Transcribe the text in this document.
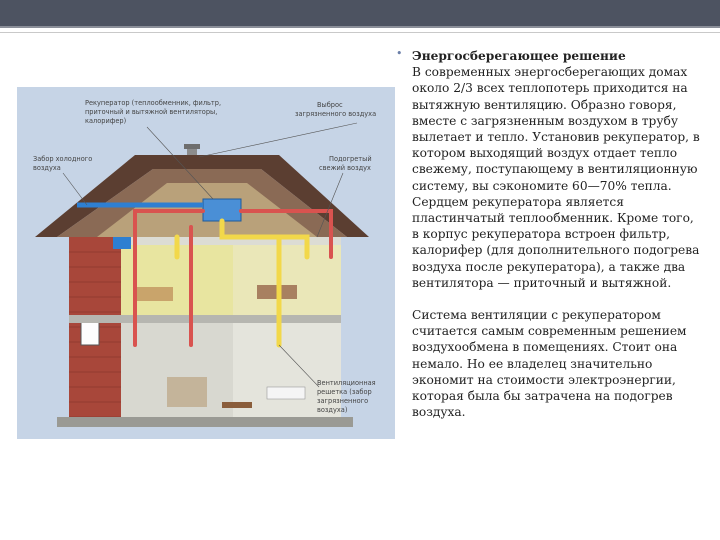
Рекуператор (теплообменник, фильтр, приточный и вытяжной вентиляторы, калорифер)
Выброс загрязненного воздуха
Забор холодного воздуха
Подогретый свежий воздух
Вентиляционная решетка (забор загрязненного воздуха)
• Энергосберегающее решение
В современных энергосберегающих домах около 2/3 всех теплопотерь приходится на вытяжную вентиляцию. Образно говоря, вместе с загрязненным воздухом в трубу вылетает и тепло. Установив рекуператор, в котором выходящий воздух отдает тепло свежему, поступающему в вентиляционную систему, вы сэкономите 60—70% тепла. Сердцем рекуператора является пластинчатый теплообменник. Кроме того, в корпус рекуператора встроен фильтр, калорифер (для дополнительного подогрева воздуха после рекуператора), а также два вентилятора — приточный и вытяжной.

Система вентиляции с рекуператором считается самым современным решением воздухообмена в помещениях. Стоит она немало. Но ее владелец значительно экономит на стоимости электроэнергии, которая была бы затрачена на подогрев воздуха.
